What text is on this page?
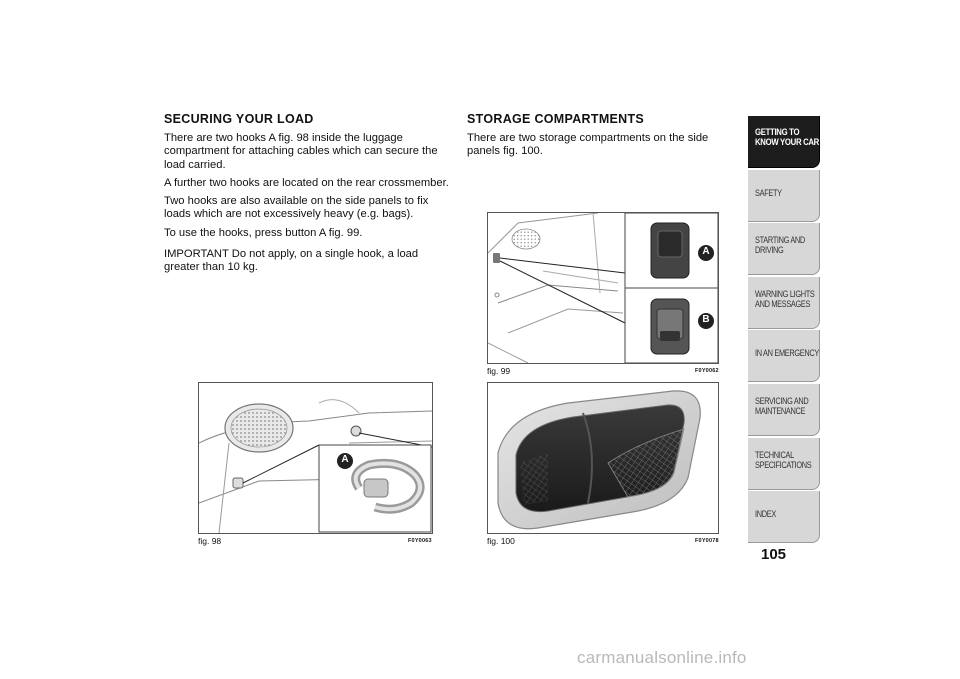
SECURING YOUR LOAD

There are two hooks A fig. 98 inside the luggage compartment for attaching cables which can secure the load carried.

A further two hooks are located on the rear crossmember.

Two hooks are also available on the side panels to fix loads which are not excessively heavy (e.g. bags).

To use the hooks, press button A fig. 99.

IMPORTANT Do not apply, on a single hook, a load greater than 10 kg.

STORAGE COMPARTMENTS

There are two storage compartments on the side panels fig. 100.

A
fig. 98	F0Y0063
A
B
fig. 99	F0Y0062
fig. 100	F0Y0078
GETTING TO
KNOW YOUR CAR
SAFETY
STARTING AND
DRIVING
WARNING LIGHTS
AND MESSAGES
IN AN EMERGENCY
SERVICING AND
MAINTENANCE
TECHNICAL
SPECIFICATIONS
INDEX
105
carmanualsonline.info
